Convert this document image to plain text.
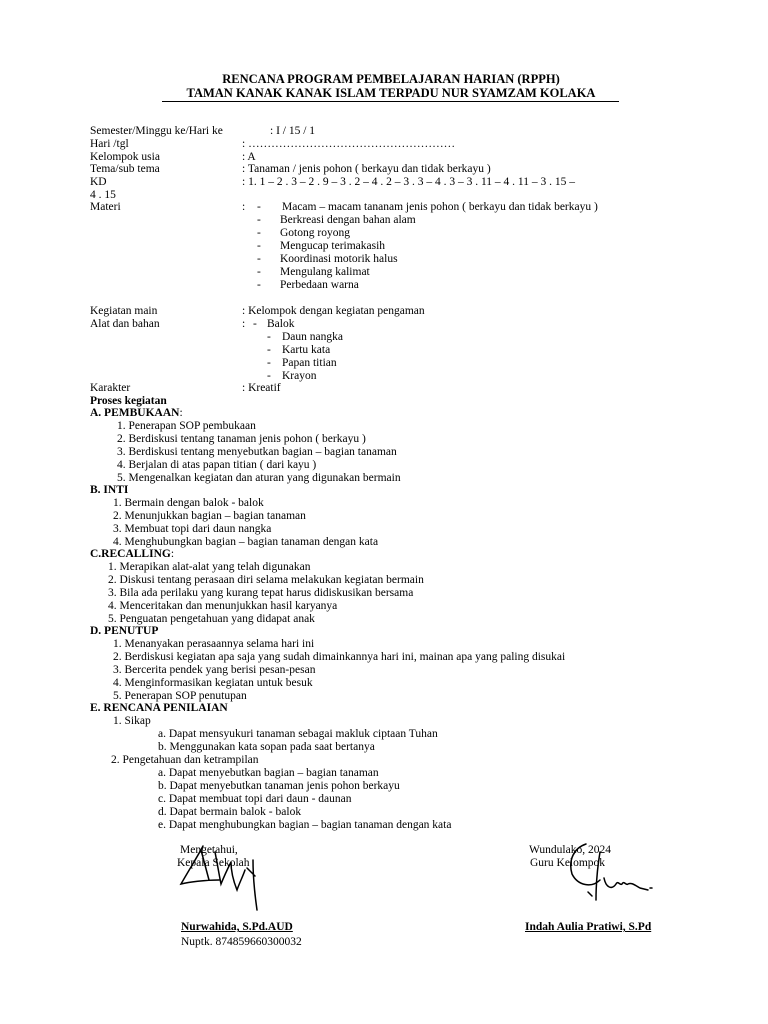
RENCANA PROGRAM PEMBELAJARAN HARIAN (RPPH)
TAMAN KANAK KANAK ISLAM TERPADU NUR SYAMZAM KOLAKA
Semester/Minggu ke/Hari ke	: I / 15 / 1
Hari /tgl	: ………………………………………………
Kelompok usia	: A
Tema/sub tema	: Tanaman / jenis pohon ( berkayu dan tidak berkayu )
KD	: 1. 1 – 2 . 3 – 2 . 9 – 3 . 2 – 4 . 2 – 3 . 3 – 4 . 3 – 3 . 11 – 4 . 11 – 3 . 15 –
4 . 15
Materi	: - Macam – macam tananam jenis pohon ( berkayu dan tidak berkayu )
- Berkreasi dengan bahan alam
- Gotong royong
- Mengucap terimakasih
- Koordinasi motorik halus
- Mengulang kalimat
- Perbedaan warna
Kegiatan main	: Kelompok dengan kegiatan pengaman
Alat dan bahan	: - Balok
- Daun nangka
- Kartu kata
- Papan titian
- Krayon
Karakter	: Kreatif
Proses kegiatan
A. PEMBUKAAN:
1. Penerapan SOP pembukaan
2. Berdiskusi tentang tanaman jenis pohon ( berkayu )
3. Berdiskusi tentang menyebutkan bagian – bagian tanaman
4. Berjalan di atas papan titian ( dari kayu )
5. Mengenalkan kegiatan dan aturan yang digunakan bermain
B. INTI
1. Bermain dengan balok - balok
2. Menunjukkan bagian – bagian tanaman
3. Membuat topi dari daun nangka
4. Menghubungkan bagian – bagian tanaman dengan kata
C.RECALLING:
1. Merapikan alat-alat yang telah digunakan
2. Diskusi tentang perasaan diri selama melakukan kegiatan bermain
3. Bila ada perilaku yang kurang tepat harus didiskusikan bersama
4. Menceritakan dan menunjukkan hasil karyanya
5. Penguatan pengetahuan yang didapat anak
D. PENUTUP
1. Menanyakan perasaannya selama hari ini
2. Berdiskusi kegiatan apa saja yang sudah dimainkannya hari ini, mainan apa yang paling disukai
3. Bercerita pendek yang berisi pesan-pesan
4. Menginformasikan kegiatan untuk besuk
5. Penerapan SOP penutupan
E. RENCANA PENILAIAN
1. Sikap
a. Dapat mensyukuri tanaman sebagai makluk ciptaan Tuhan
b. Menggunakan kata sopan pada saat bertanya
2. Pengetahuan dan ketrampilan
a. Dapat menyebutkan bagian – bagian tanaman
b. Dapat menyebutkan tanaman jenis pohon berkayu
c. Dapat membuat topi dari daun - daunan
d. Dapat bermain balok - balok
e. Dapat menghubungkan bagian – bagian tanaman dengan kata
Mengetahui,
Kepala Sekolah
Wundulako, 2024
Guru Kelompok
Nurwahida, S.Pd.AUD
Nuptk. 874859660300032
Indah Aulia Pratiwi, S.Pd
